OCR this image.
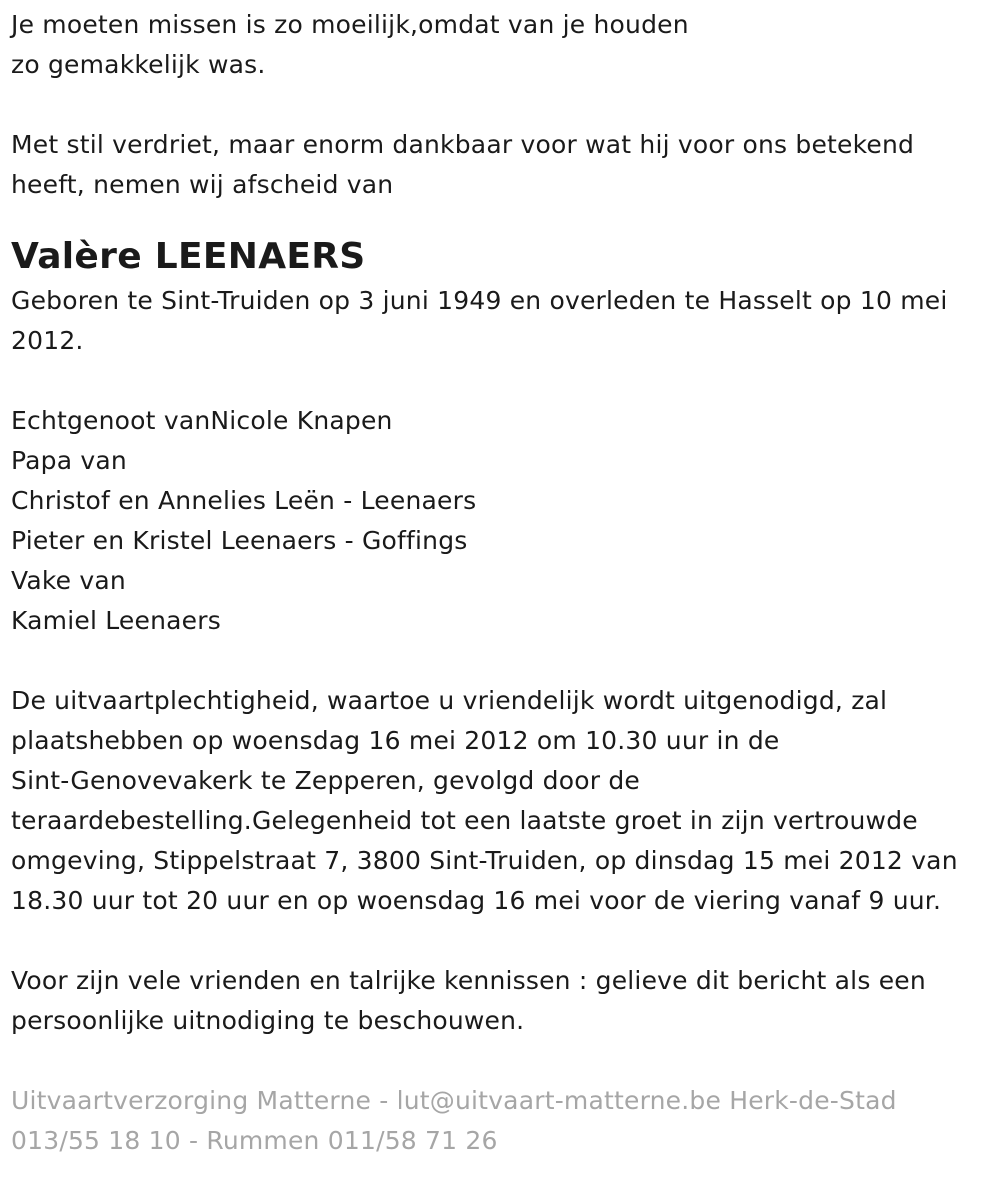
Je moeten missen is zo moeilijk,omdat van je houden
zo gemakkelijk was.
Met stil verdriet, maar enorm dankbaar voor wat hij voor ons betekend
heeft, nemen wij afscheid van
Valère LEENAERS
Geboren te Sint-Truiden op 3 juni 1949 en overleden te Hasselt op 10 mei
2012.
Echtgenoot vanNicole Knapen
Papa van
Christof en Annelies Leën - Leenaers
Pieter en Kristel Leenaers - Goffings
Vake van
Kamiel Leenaers
De uitvaartplechtigheid, waartoe u vriendelijk wordt uitgenodigd, zal
plaatshebben op woensdag 16 mei 2012 om 10.30 uur in de
Sint-Genovevakerk te Zepperen, gevolgd door de
teraardebestelling.Gelegenheid tot een laatste groet in zijn vertrouwde
omgeving, Stippelstraat 7, 3800 Sint-Truiden, op dinsdag 15 mei 2012 van
18.30 uur tot 20 uur en op woensdag 16 mei voor de viering vanaf 9 uur.
Voor zijn vele vrienden en talrijke kennissen : gelieve dit bericht als een
persoonlijke uitnodiging te beschouwen.
Uitvaartverzorging Matterne - lut@uitvaart-matterne.be Herk-de-Stad
013/55 18 10 - Rummen 011/58 71 26
